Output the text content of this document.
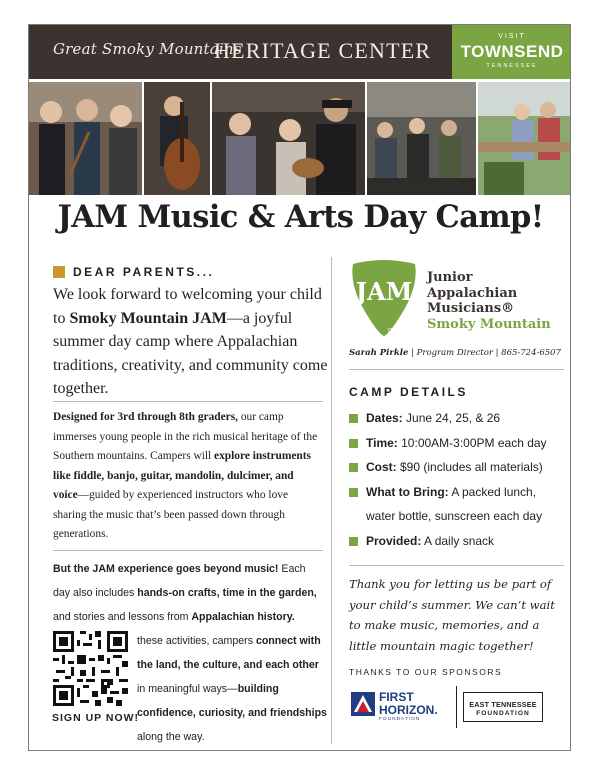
Great Smoky Mountains
HERITAGE CENTER
VISIT
TOWNSEND
TENNESSEE
JAM Music & Arts Day Camp!
DEAR PARENTS...
We look forward to welcoming your child to Smoky Mountain JAM—a joyful summer day camp where Appalachian traditions, creativity, and community come together.
Designed for 3rd through 8th graders, our camp immerses young people in the rich musical heritage of the Southern mountains. Campers will explore instruments like fiddle, banjo, guitar, mandolin, dulcimer, and voice—guided by experienced instructors who love sharing the music that’s been passed down through generations.
But the JAM experience goes beyond music! Each day also includes hands-on crafts, time in the garden, and stories and lessons from Appalachian history.
SIGN UP NOW!
these activities, campers connect with the land, the culture, and each other in meaningful ways—building confidence, curiosity, and friendships along the way.
JAM
TM
Junior
Appalachian
Musicians®
Smoky Mountain
Sarah Pirkle | Program Director | 865-724-6507
CAMP DETAILS
Dates: June 24, 25, & 26
Time: 10:00AM-3:00PM each day
Cost: $90 (includes all materials)
What to Bring: A packed lunch,
water bottle, sunscreen each day
Provided: A daily snack
Thank you for letting us be part of your child’s summer. We can’t wait to make music, memories, and a little mountain magic together!
THANKS TO OUR SPONSORS
FIRST
HORIZON.
FOUNDATION
EAST TENNESSEE
FOUNDATION
